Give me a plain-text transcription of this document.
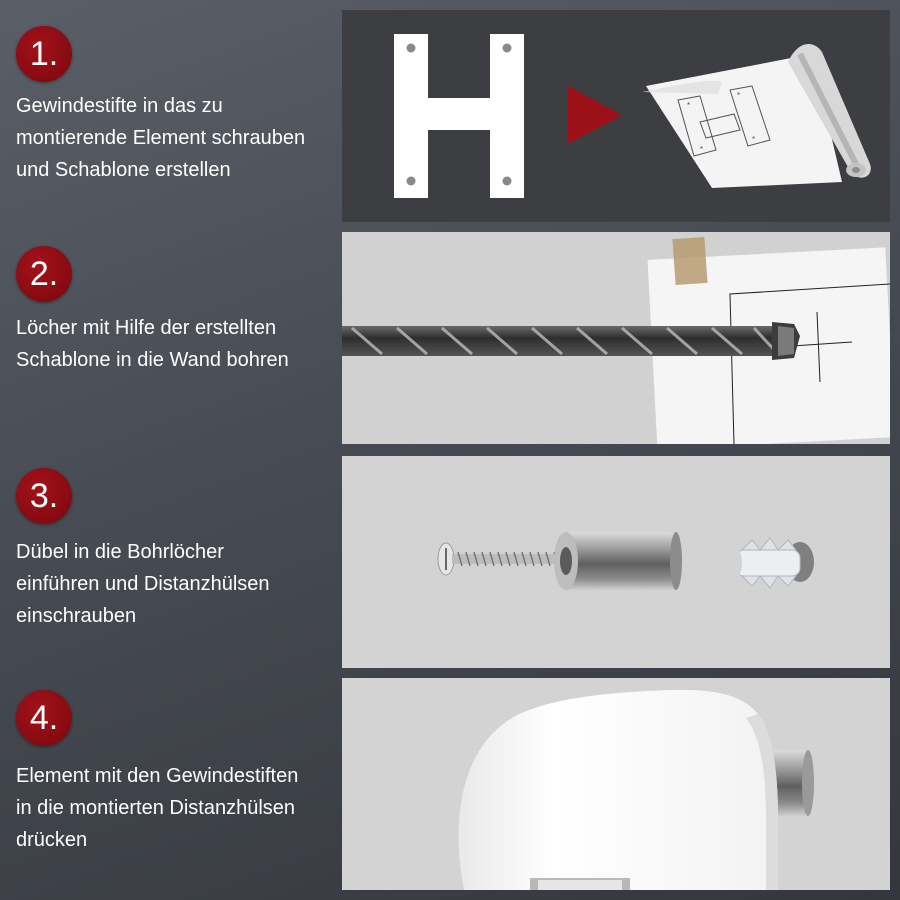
1.
Gewindestifte in das zu
montierende Element schrauben
und Schablone erstellen
*
*
*
*
2.
Löcher mit Hilfe der erstellten
Schablone in die Wand bohren
3.
Dübel in die Bohrlöcher
einführen und Distanzhülsen
einschrauben
4.
Element mit den Gewindestiften
in die montierten Distanzhülsen
drücken
